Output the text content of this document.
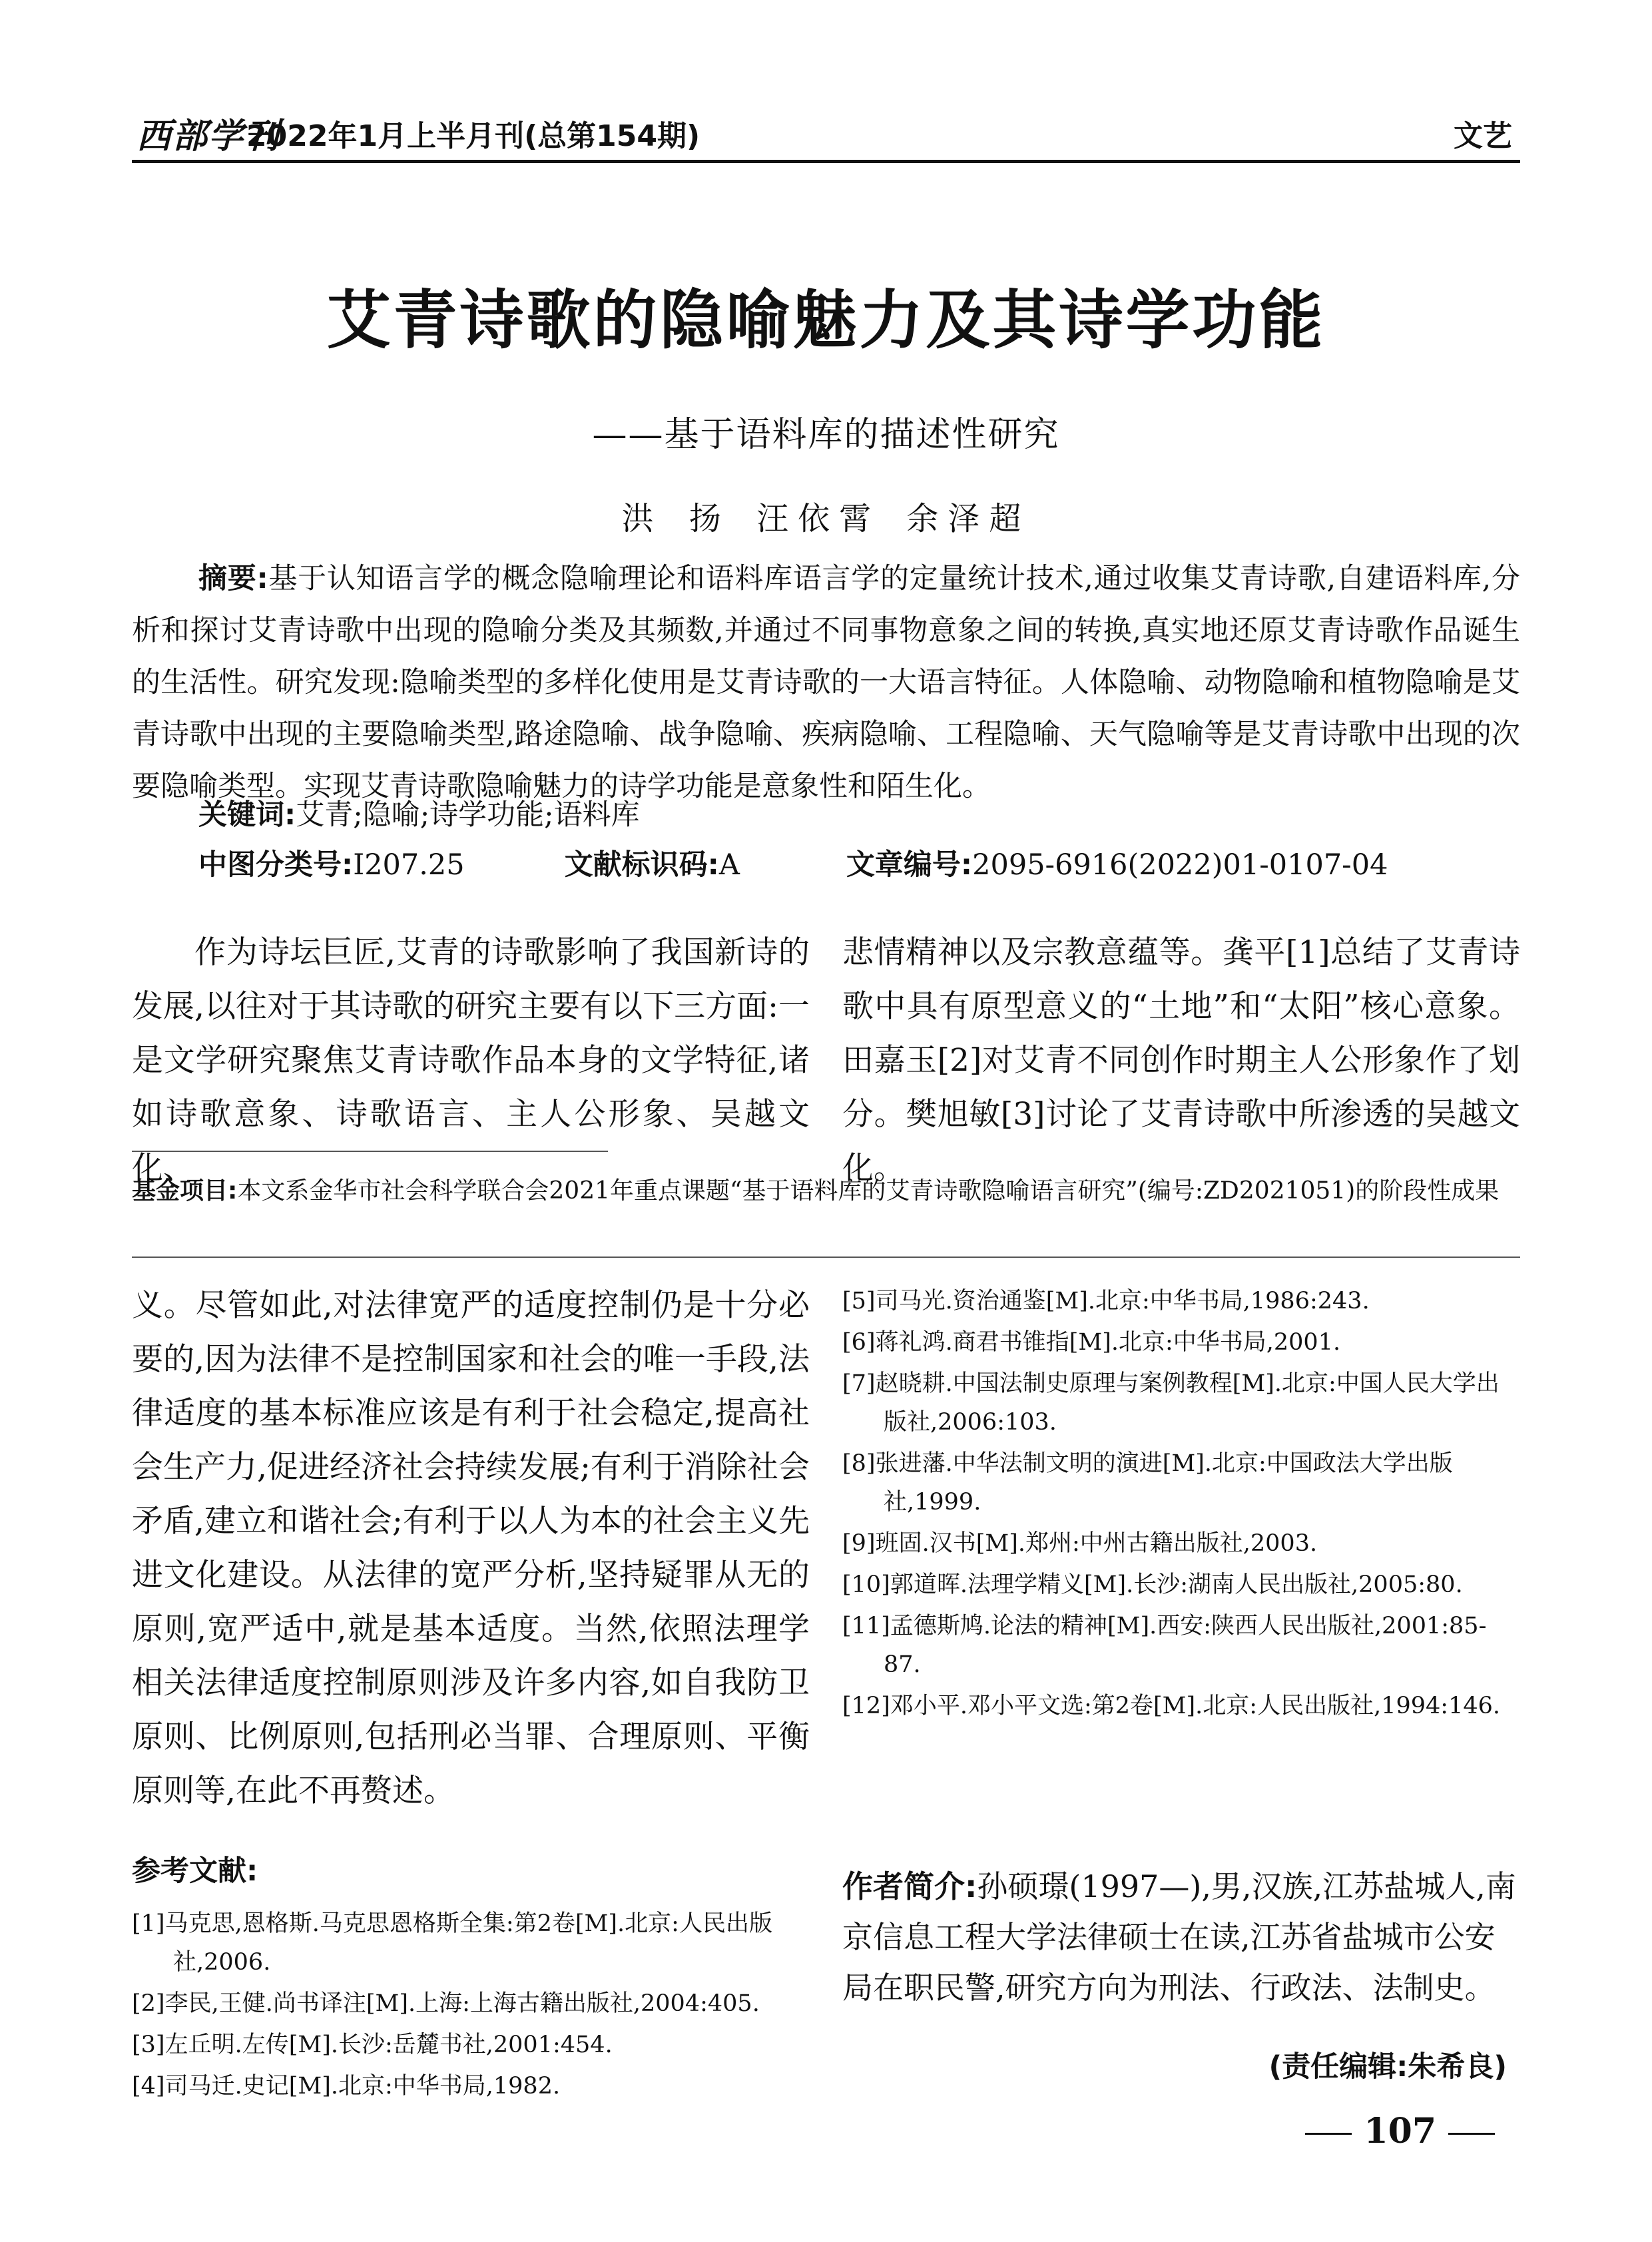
西部学刊
2022年1月上半月刊(总第154期)	文艺
艾青诗歌的隐喻魅力及其诗学功能
——基于语料库的描述性研究
洪 扬 汪依霄 余泽超
摘要:基于认知语言学的概念隐喻理论和语料库语言学的定量统计技术,通过收集艾青诗歌,自建语料库,分析和探讨艾青诗歌中出现的隐喻分类及其频数,并通过不同事物意象之间的转换,真实地还原艾青诗歌作品诞生的生活性。研究发现:隐喻类型的多样化使用是艾青诗歌的一大语言特征。人体隐喻、动物隐喻和植物隐喻是艾青诗歌中出现的主要隐喻类型,路途隐喻、战争隐喻、疾病隐喻、工程隐喻、天气隐喻等是艾青诗歌中出现的次要隐喻类型。实现艾青诗歌隐喻魅力的诗学功能是意象性和陌生化。
关键词:艾青;隐喻;诗学功能;语料库
中图分类号:I207.25	文献标识码:A	文章编号:2095-6916(2022)01-0107-04
作为诗坛巨匠,艾青的诗歌影响了我国新诗的发展,以往对于其诗歌的研究主要有以下三方面:一是文学研究聚焦艾青诗歌作品本身的文学特征,诸如诗歌意象、诗歌语言、主人公形象、吴越文化、
悲情精神以及宗教意蕴等。龚平[1]总结了艾青诗歌中具有原型意义的“土地”和“太阳”核心意象。田嘉玉[2]对艾青不同创作时期主人公形象作了划分。樊旭敏[3]讨论了艾青诗歌中所渗透的吴越文化。
基金项目:本文系金华市社会科学联合会2021年重点课题“基于语料库的艾青诗歌隐喻语言研究”(编号:ZD2021051)的阶段性成果
义。尽管如此,对法律宽严的适度控制仍是十分必要的,因为法律不是控制国家和社会的唯一手段,法律适度的基本标准应该是有利于社会稳定,提高社会生产力,促进经济社会持续发展;有利于消除社会矛盾,建立和谐社会;有利于以人为本的社会主义先进文化建设。从法律的宽严分析,坚持疑罪从无的原则,宽严适中,就是基本适度。当然,依照法理学相关法律适度控制原则涉及许多内容,如自我防卫原则、比例原则,包括刑必当罪、合理原则、平衡原则等,在此不再赘述。
参考文献:
[1]马克思,恩格斯.马克思恩格斯全集:第2卷[M].北京:人民出版社,2006.
[2]李民,王健.尚书译注[M].上海:上海古籍出版社,2004:405.
[3]左丘明.左传[M].长沙:岳麓书社,2001:454.
[4]司马迁.史记[M].北京:中华书局,1982.
[5]司马光.资治通鉴[M].北京:中华书局,1986:243.
[6]蒋礼鸿.商君书锥指[M].北京:中华书局,2001.
[7]赵晓耕.中国法制史原理与案例教程[M].北京:中国人民大学出版社,2006:103.
[8]张进藩.中华法制文明的演进[M].北京:中国政法大学出版社,1999.
[9]班固.汉书[M].郑州:中州古籍出版社,2003.
[10]郭道晖.法理学精义[M].长沙:湖南人民出版社,2005:80.
[11]孟德斯鸠.论法的精神[M].西安:陕西人民出版社,2001:85-87.
[12]邓小平.邓小平文选:第2卷[M].北京:人民出版社,1994:146.
作者简介:孙硕璟(1997—),男,汉族,江苏盐城人,南京信息工程大学法律硕士在读,江苏省盐城市公安局在职民警,研究方向为刑法、行政法、法制史。
(责任编辑:朱希良)
107
